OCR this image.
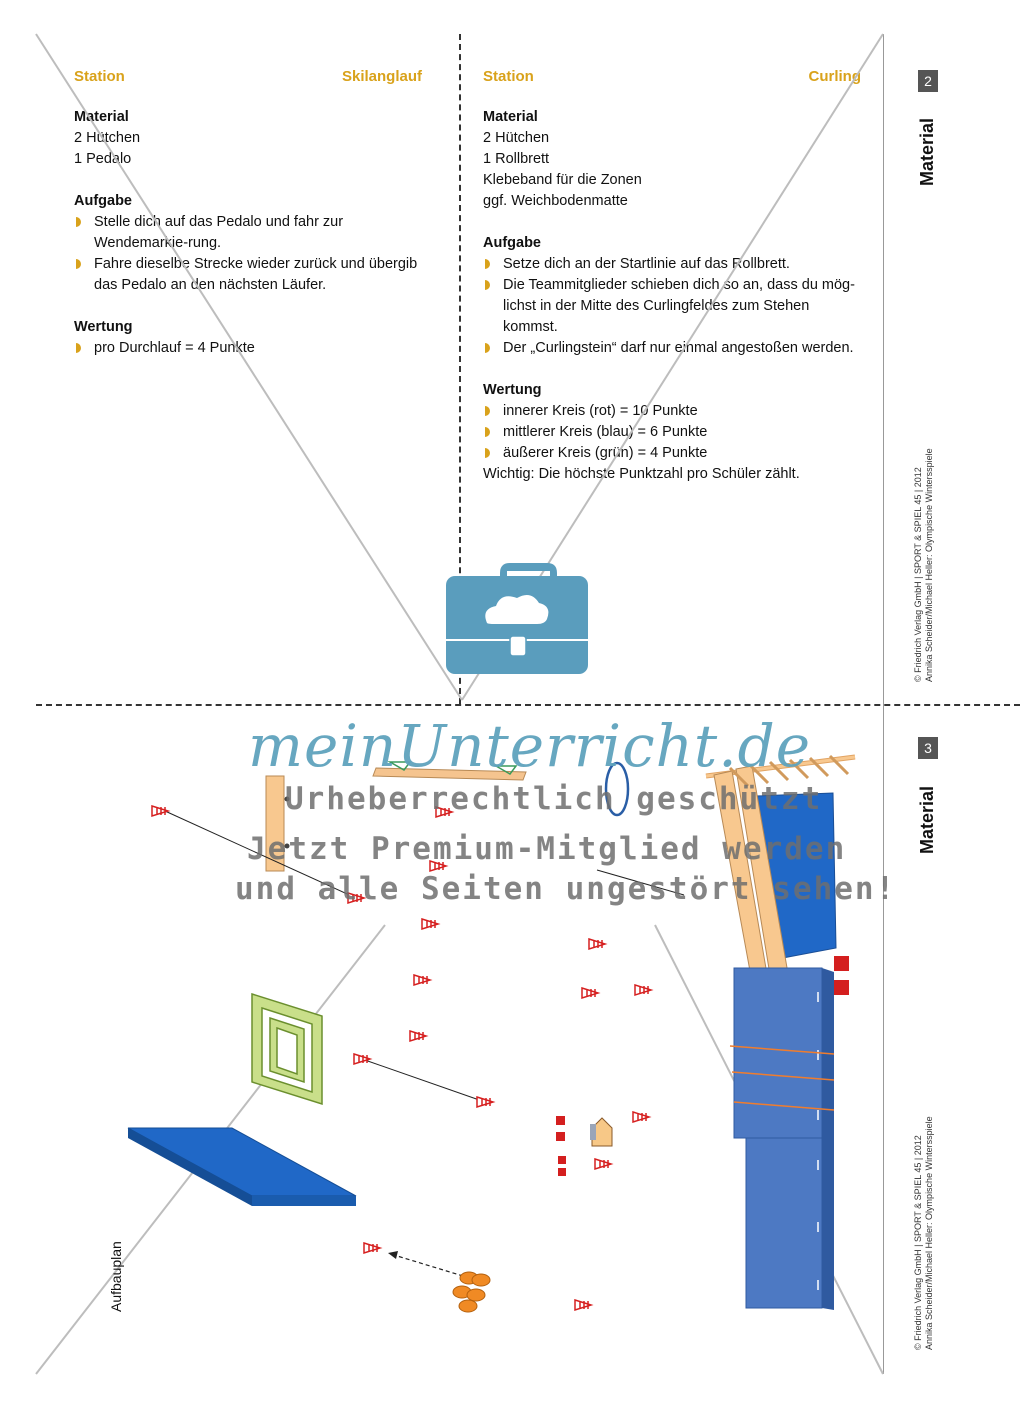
Station	Skilanglauf
Material
2 Hütchen
1 Pedalo
Aufgabe
Stelle dich auf das Pedalo und fahr zur Wendemarkie-rung.
Fahre dieselbe Strecke wieder zurück und übergib das Pedalo an den nächsten Läufer.
Wertung
pro Durchlauf = 4 Punkte
Station	Curling
Material
2 Hütchen
1 Rollbrett
Klebeband für die Zonen
ggf. Weichbodenmatte
Aufgabe
Setze dich an der Startlinie auf das Rollbrett.
Die Teammitglieder schieben dich so an, dass du mög-lichst in der Mitte des Curlingfeldes zum Stehen kommst.
Der „Curlingstein“ darf nur einmal angestoßen werden.
Wertung
innerer Kreis (rot) = 10 Punkte
mittlerer Kreis (blau) = 6 Punkte
äußerer Kreis (grün) = 4 Punkte
Wichtig: Die höchste Punktzahl pro Schüler zählt.
2
3
Material
Material
© Friedrich Verlag GmbH | SPORT & SPIEL 45 | 2012 Annika Scheider/Michael Heller: Olympische Wintersspiele
© Friedrich Verlag GmbH | SPORT & SPIEL 45 | 2012 Annika Scheider/Michael Heller: Olympische Wintersspiele
meinUnterricht.de
Urheberrechtlich geschützt
Jetzt Premium-Mitglied werden
und alle Seiten ungestört sehen!
Aufbauplan
